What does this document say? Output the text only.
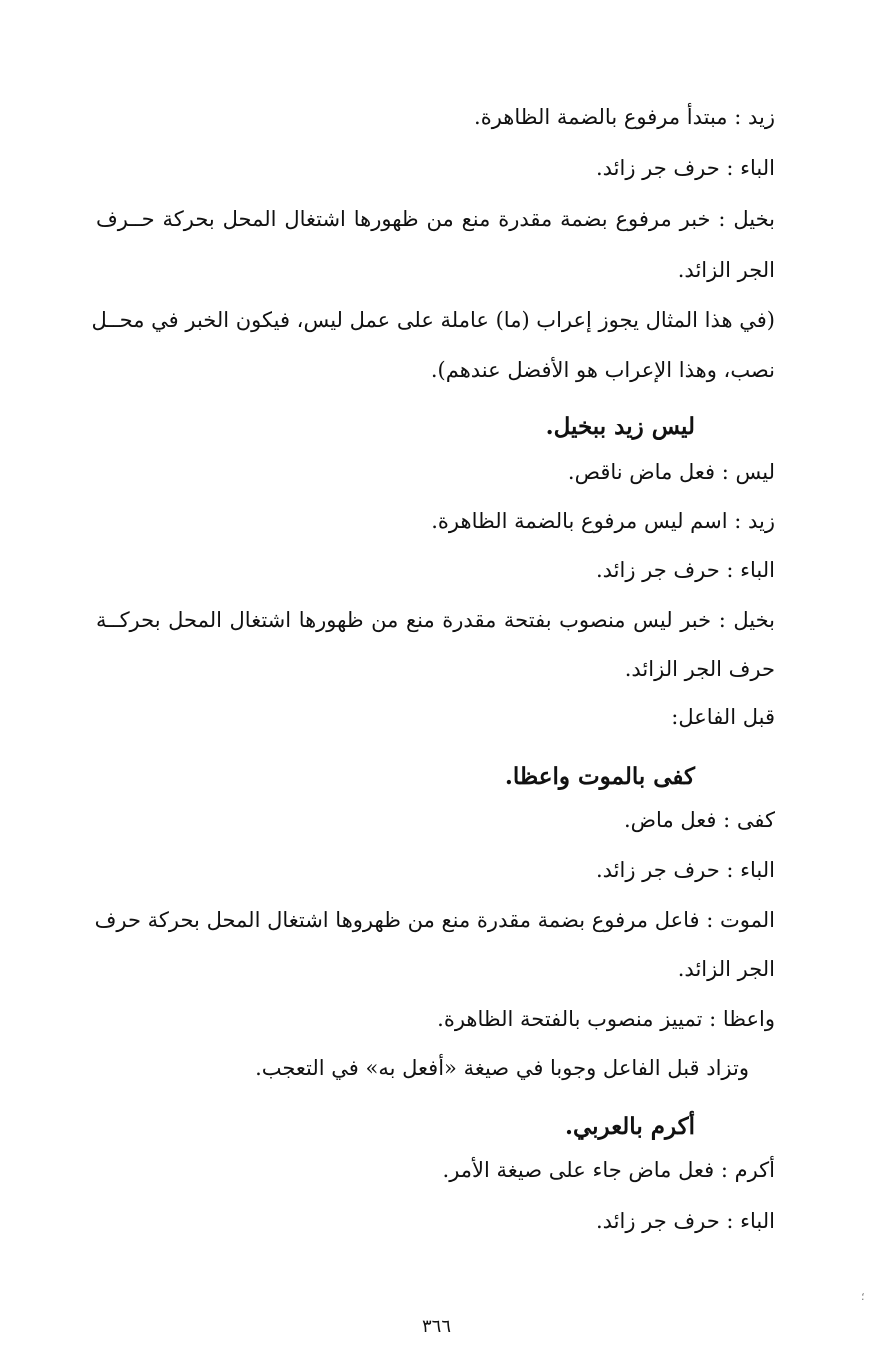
زيد : مبتدأ مرفوع بالضمة الظاهرة.
الباء : حرف جر زائد.
بخيل : خبر مرفوع بضمة مقدرة منع من ظهورها اشتغال المحل بحركة حــرف
الجر الزائد.
(في هذا المثال يجوز إعراب (ما) عاملة على عمل ليس، فيكون الخبر في محــل
نصب، وهذا الإعراب هو الأفضل عندهم).
ليس زيد ببخيل.
ليس : فعل ماض ناقص.
زيد : اسم ليس مرفوع بالضمة الظاهرة.
الباء : حرف جر زائد.
بخيل : خبر ليس منصوب بفتحة مقدرة منع من ظهورها اشتغال المحل بحركــة
حرف الجر الزائد.
قبل الفاعل:
كفى بالموت واعظا.
كفى : فعل ماض.
الباء : حرف جر زائد.
الموت : فاعل مرفوع بضمة مقدرة منع من ظهروها اشتغال المحل بحركة حرف
الجر الزائد.
واعظا : تمييز منصوب بالفتحة الظاهرة.
وتزاد قبل الفاعل وجوبا في صيغة «أفعل به» في التعجب.
أكرم بالعربي.
أكرم : فعل ماض جاء على صيغة الأمر.
الباء : حرف جر زائد.
٣٦٦
؛
